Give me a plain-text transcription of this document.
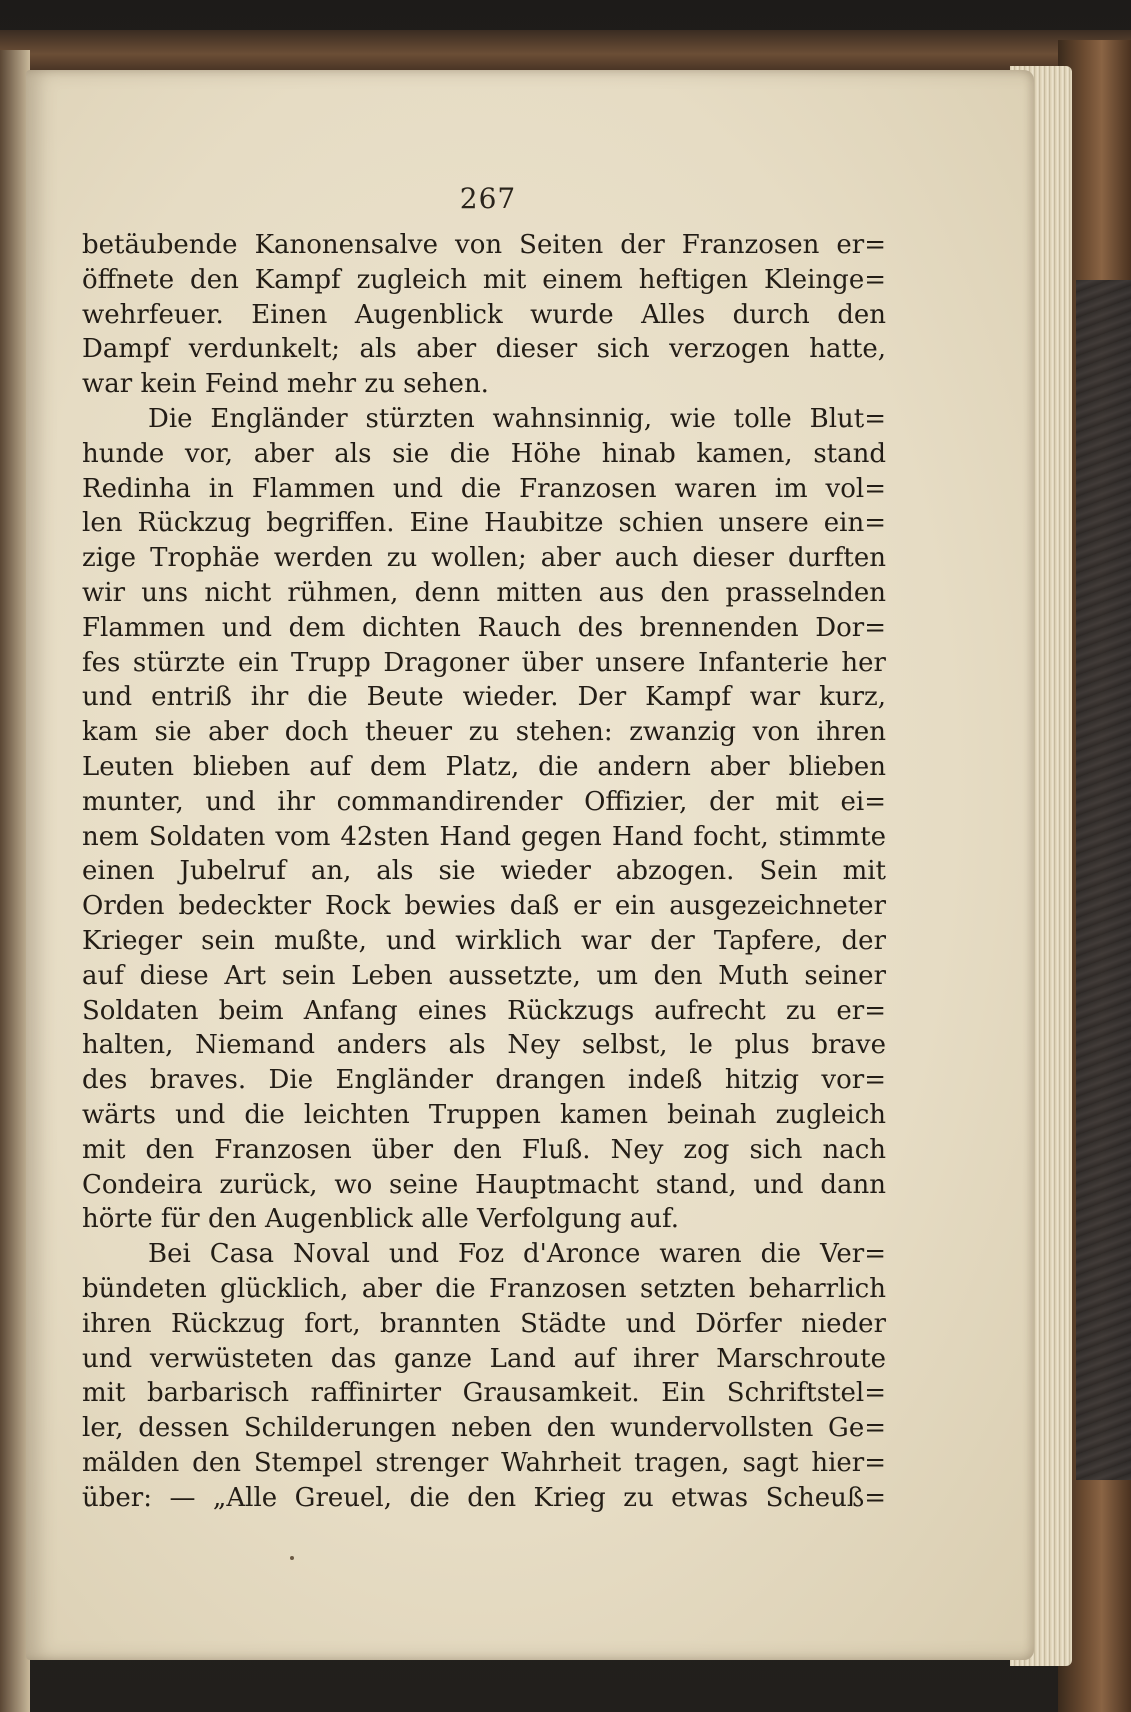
267
betäubende Kanonensalve von Seiten der Franzosen er=
öffnete den Kampf zugleich mit einem heftigen Kleinge=
wehrfeuer. Einen Augenblick wurde Alles durch den
Dampf verdunkelt; als aber dieser sich verzogen hatte,
war kein Feind mehr zu sehen.
Die Engländer stürzten wahnsinnig, wie tolle Blut=
hunde vor, aber als sie die Höhe hinab kamen, stand
Redinha in Flammen und die Franzosen waren im vol=
len Rückzug begriffen. Eine Haubitze schien unsere ein=
zige Trophäe werden zu wollen; aber auch dieser durften
wir uns nicht rühmen, denn mitten aus den prasselnden
Flammen und dem dichten Rauch des brennenden Dor=
fes stürzte ein Trupp Dragoner über unsere Infanterie her
und entriß ihr die Beute wieder. Der Kampf war kurz,
kam sie aber doch theuer zu stehen: zwanzig von ihren
Leuten blieben auf dem Platz, die andern aber blieben
munter, und ihr commandirender Offizier, der mit ei=
nem Soldaten vom 42sten Hand gegen Hand focht, stimmte
einen Jubelruf an, als sie wieder abzogen. Sein mit
Orden bedeckter Rock bewies daß er ein ausgezeichneter
Krieger sein mußte, und wirklich war der Tapfere, der
auf diese Art sein Leben aussetzte, um den Muth seiner
Soldaten beim Anfang eines Rückzugs aufrecht zu er=
halten, Niemand anders als Ney selbst, le plus brave
des braves. Die Engländer drangen indeß hitzig vor=
wärts und die leichten Truppen kamen beinah zugleich
mit den Franzosen über den Fluß. Ney zog sich nach
Condeira zurück, wo seine Hauptmacht stand, und dann
hörte für den Augenblick alle Verfolgung auf.
Bei Casa Noval und Foz d'Aronce waren die Ver=
bündeten glücklich, aber die Franzosen setzten beharrlich
ihren Rückzug fort, brannten Städte und Dörfer nieder
und verwüsteten das ganze Land auf ihrer Marschroute
mit barbarisch raffinirter Grausamkeit. Ein Schriftstel=
ler, dessen Schilderungen neben den wundervollsten Ge=
mälden den Stempel strenger Wahrheit tragen, sagt hier=
über: — „Alle Greuel, die den Krieg zu etwas Scheuß=
